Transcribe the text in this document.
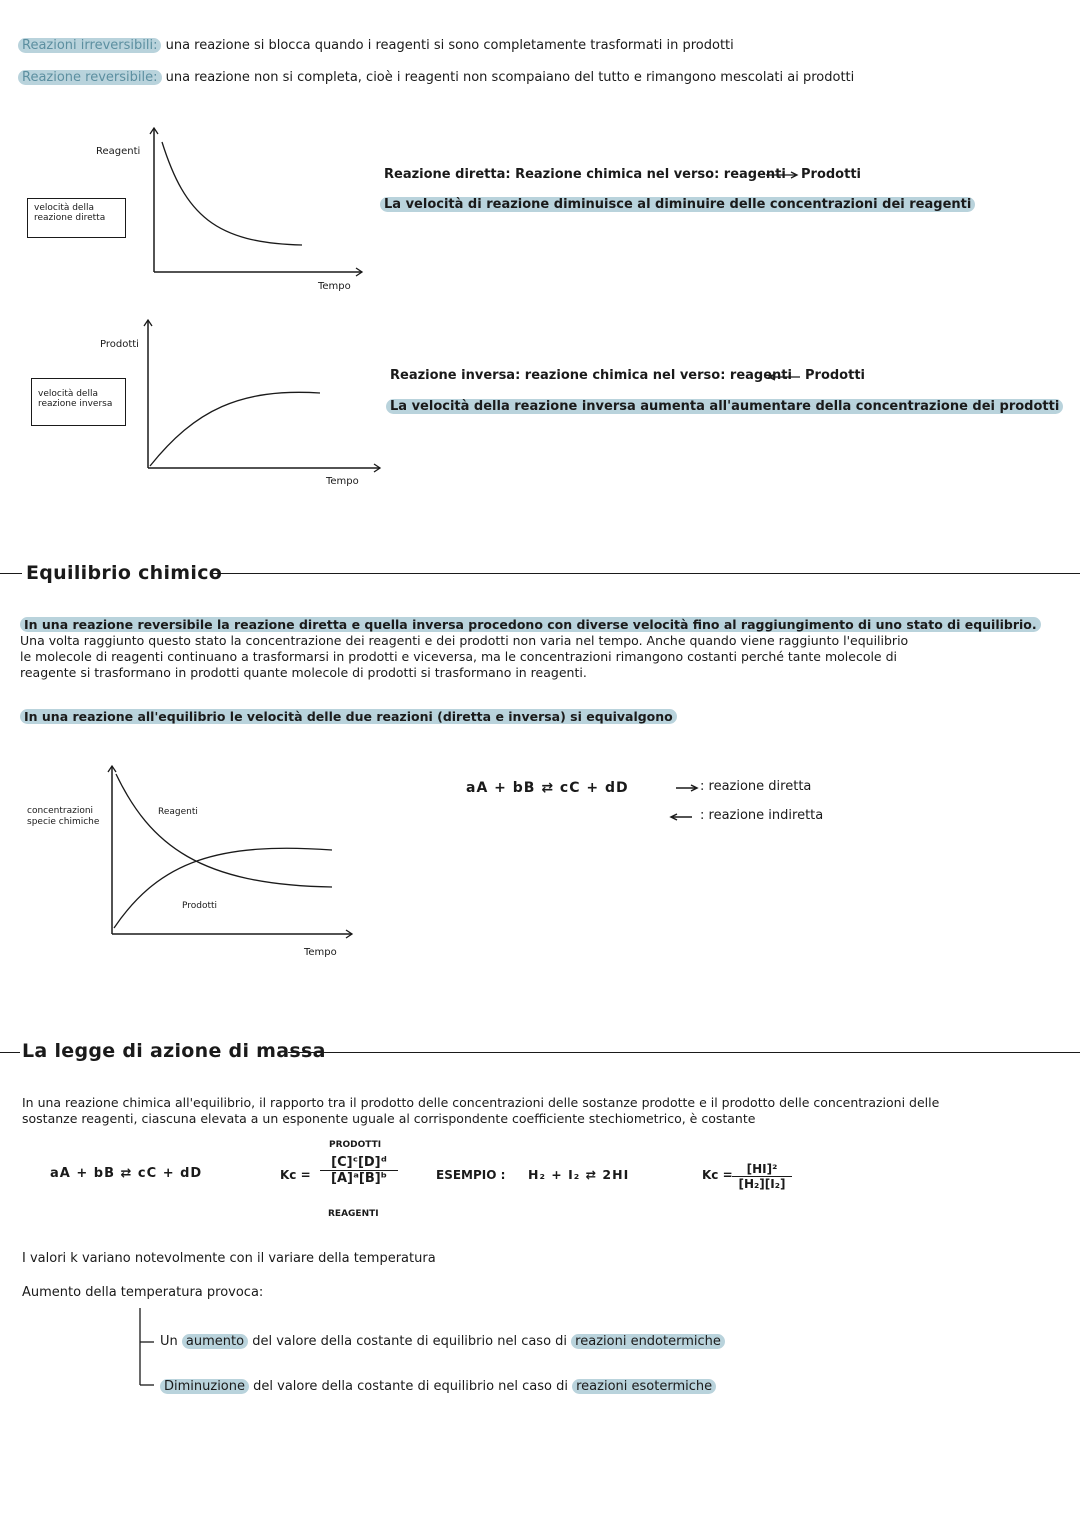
Reazioni irreversibili: una reazione si blocca quando i reagenti si sono completamente trasformati in prodotti
Reazione reversibile: una reazione non si completa, cioè i reagenti non scompaiano del tutto e rimangono mescolati ai prodotti
Reagenti
Tempo
velocità della reazione diretta
Reazione diretta: Reazione chimica nel verso: reagenti Prodotti
La velocità di reazione diminuisce al diminuire delle concentrazioni dei reagenti
Prodotti
Tempo
velocità della reazione inversa
Reazione inversa: reazione chimica nel verso: reagenti Prodotti
La velocità della reazione inversa aumenta all'aumentare della concentrazione dei prodotti
Equilibrio chimico
In una reazione reversibile la reazione diretta e quella inversa procedono con diverse velocità fino al raggiungimento di uno stato di equilibrio.
Una volta raggiunto questo stato la concentrazione dei reagenti e dei prodotti non varia nel tempo. Anche quando viene raggiunto l'equilibrio
le molecole di reagenti continuano a trasformarsi in prodotti e viceversa, ma le concentrazioni rimangono costanti perché tante molecole di
reagente si trasformano in prodotti quante molecole di prodotti si trasformano in reagenti.
In una reazione all'equilibrio le velocità delle due reazioni (diretta e inversa) si equivalgono
concentrazioni
specie chimiche
Reagenti
Prodotti
Tempo
aA + bB ⇄ cC + dD	: reazione diretta
: reazione indiretta
La legge di azione di massa
In una reazione chimica all'equilibrio, il rapporto tra il prodotto delle concentrazioni delle sostanze prodotte e il prodotto delle concentrazioni delle
sostanze reagenti, ciascuna elevata a un esponente uguale al corrispondente coefficiente stechiometrico, è costante
aA + bB ⇄ cC + dD	Kc =
PRODOTTI
$\frac{\text{[C]ᶜ[D]ᵈ}}{\text{[A]ᵃ[B]ᵇ}}$
REAGENTI
ESEMPIO : H₂ + I₂ ⇄ 2HI	$Kc = \frac{\text{[HI]²}}{\text{[H₂][I₂]}}$
I valori k variano notevolmente con il variare della temperatura
Aumento della temperatura provoca:
Un aumento del valore della costante di equilibrio nel caso di reazioni endotermiche
Diminuzione del valore della costante di equilibrio nel caso di reazioni esotermiche
